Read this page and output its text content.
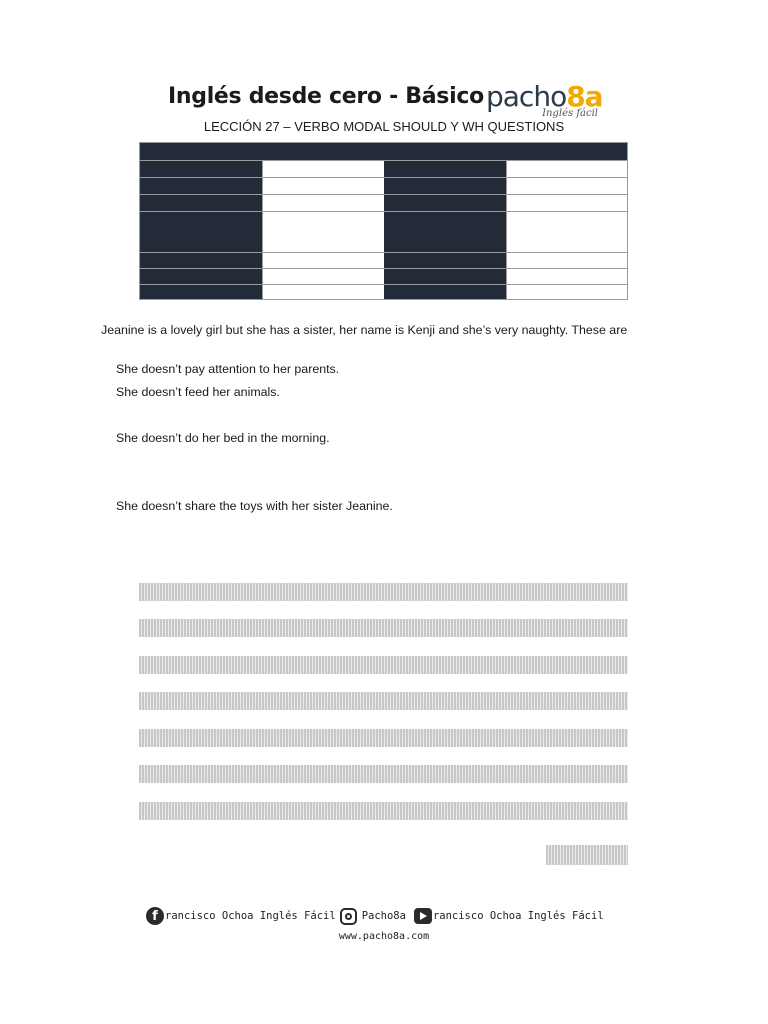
Inglés desde cero - Básico pacho8a
Inglés fácil
LECCIÓN 27 – VERBO MODAL SHOULD Y WH QUESTIONS
Jeanine is a lovely girl but she has a sister, her name is Kenji and she’s very naughty. These are
She doesn’t pay attention to her parents.
She doesn’t feed her animals.
She doesn’t do her bed in the morning.
She doesn’t share the toys with her sister Jeanine.
f rancisco Ochoa Inglés Fácil Pacho8a	rancisco Ochoa Inglés Fácil
www.pacho8a.com
